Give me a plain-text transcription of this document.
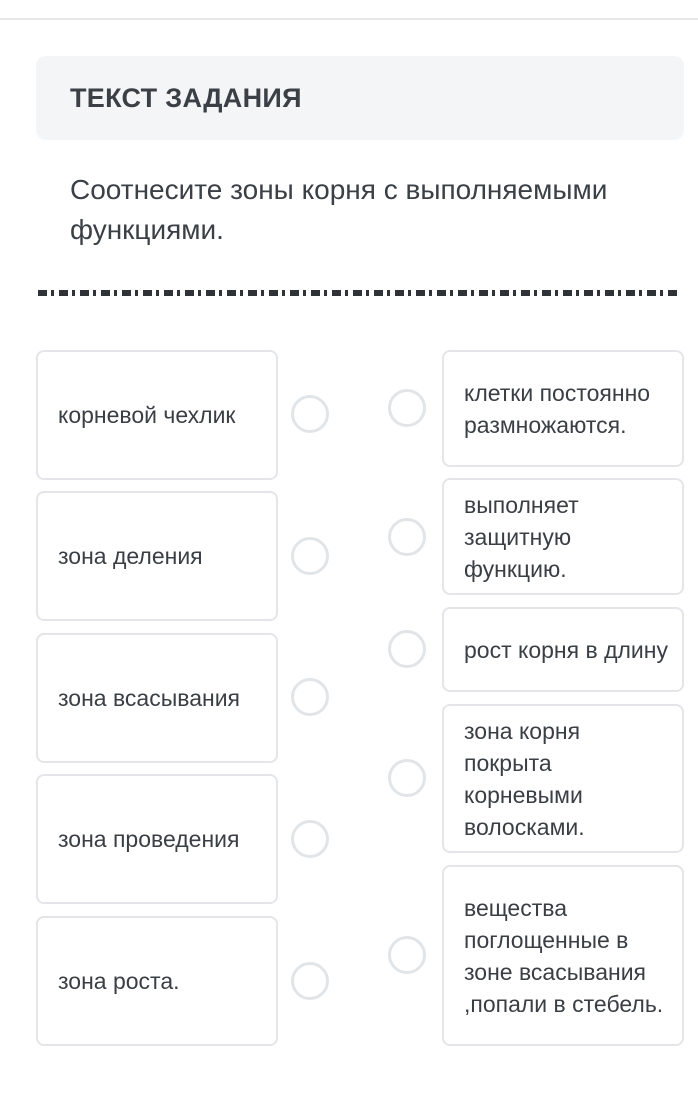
ТЕКСТ ЗАДАНИЯ
Соотнесите зоны корня с выполняемыми функциями.
корневой чехлик
зона деления
зона всасывания
зона проведения
зона роста.
клетки постоянно размножаются.
выполняет защитную функцию.
рост корня в длину
зона корня покрыта корневыми волосками.
вещества поглощенные в зоне всасывания ,попали в стебель.
